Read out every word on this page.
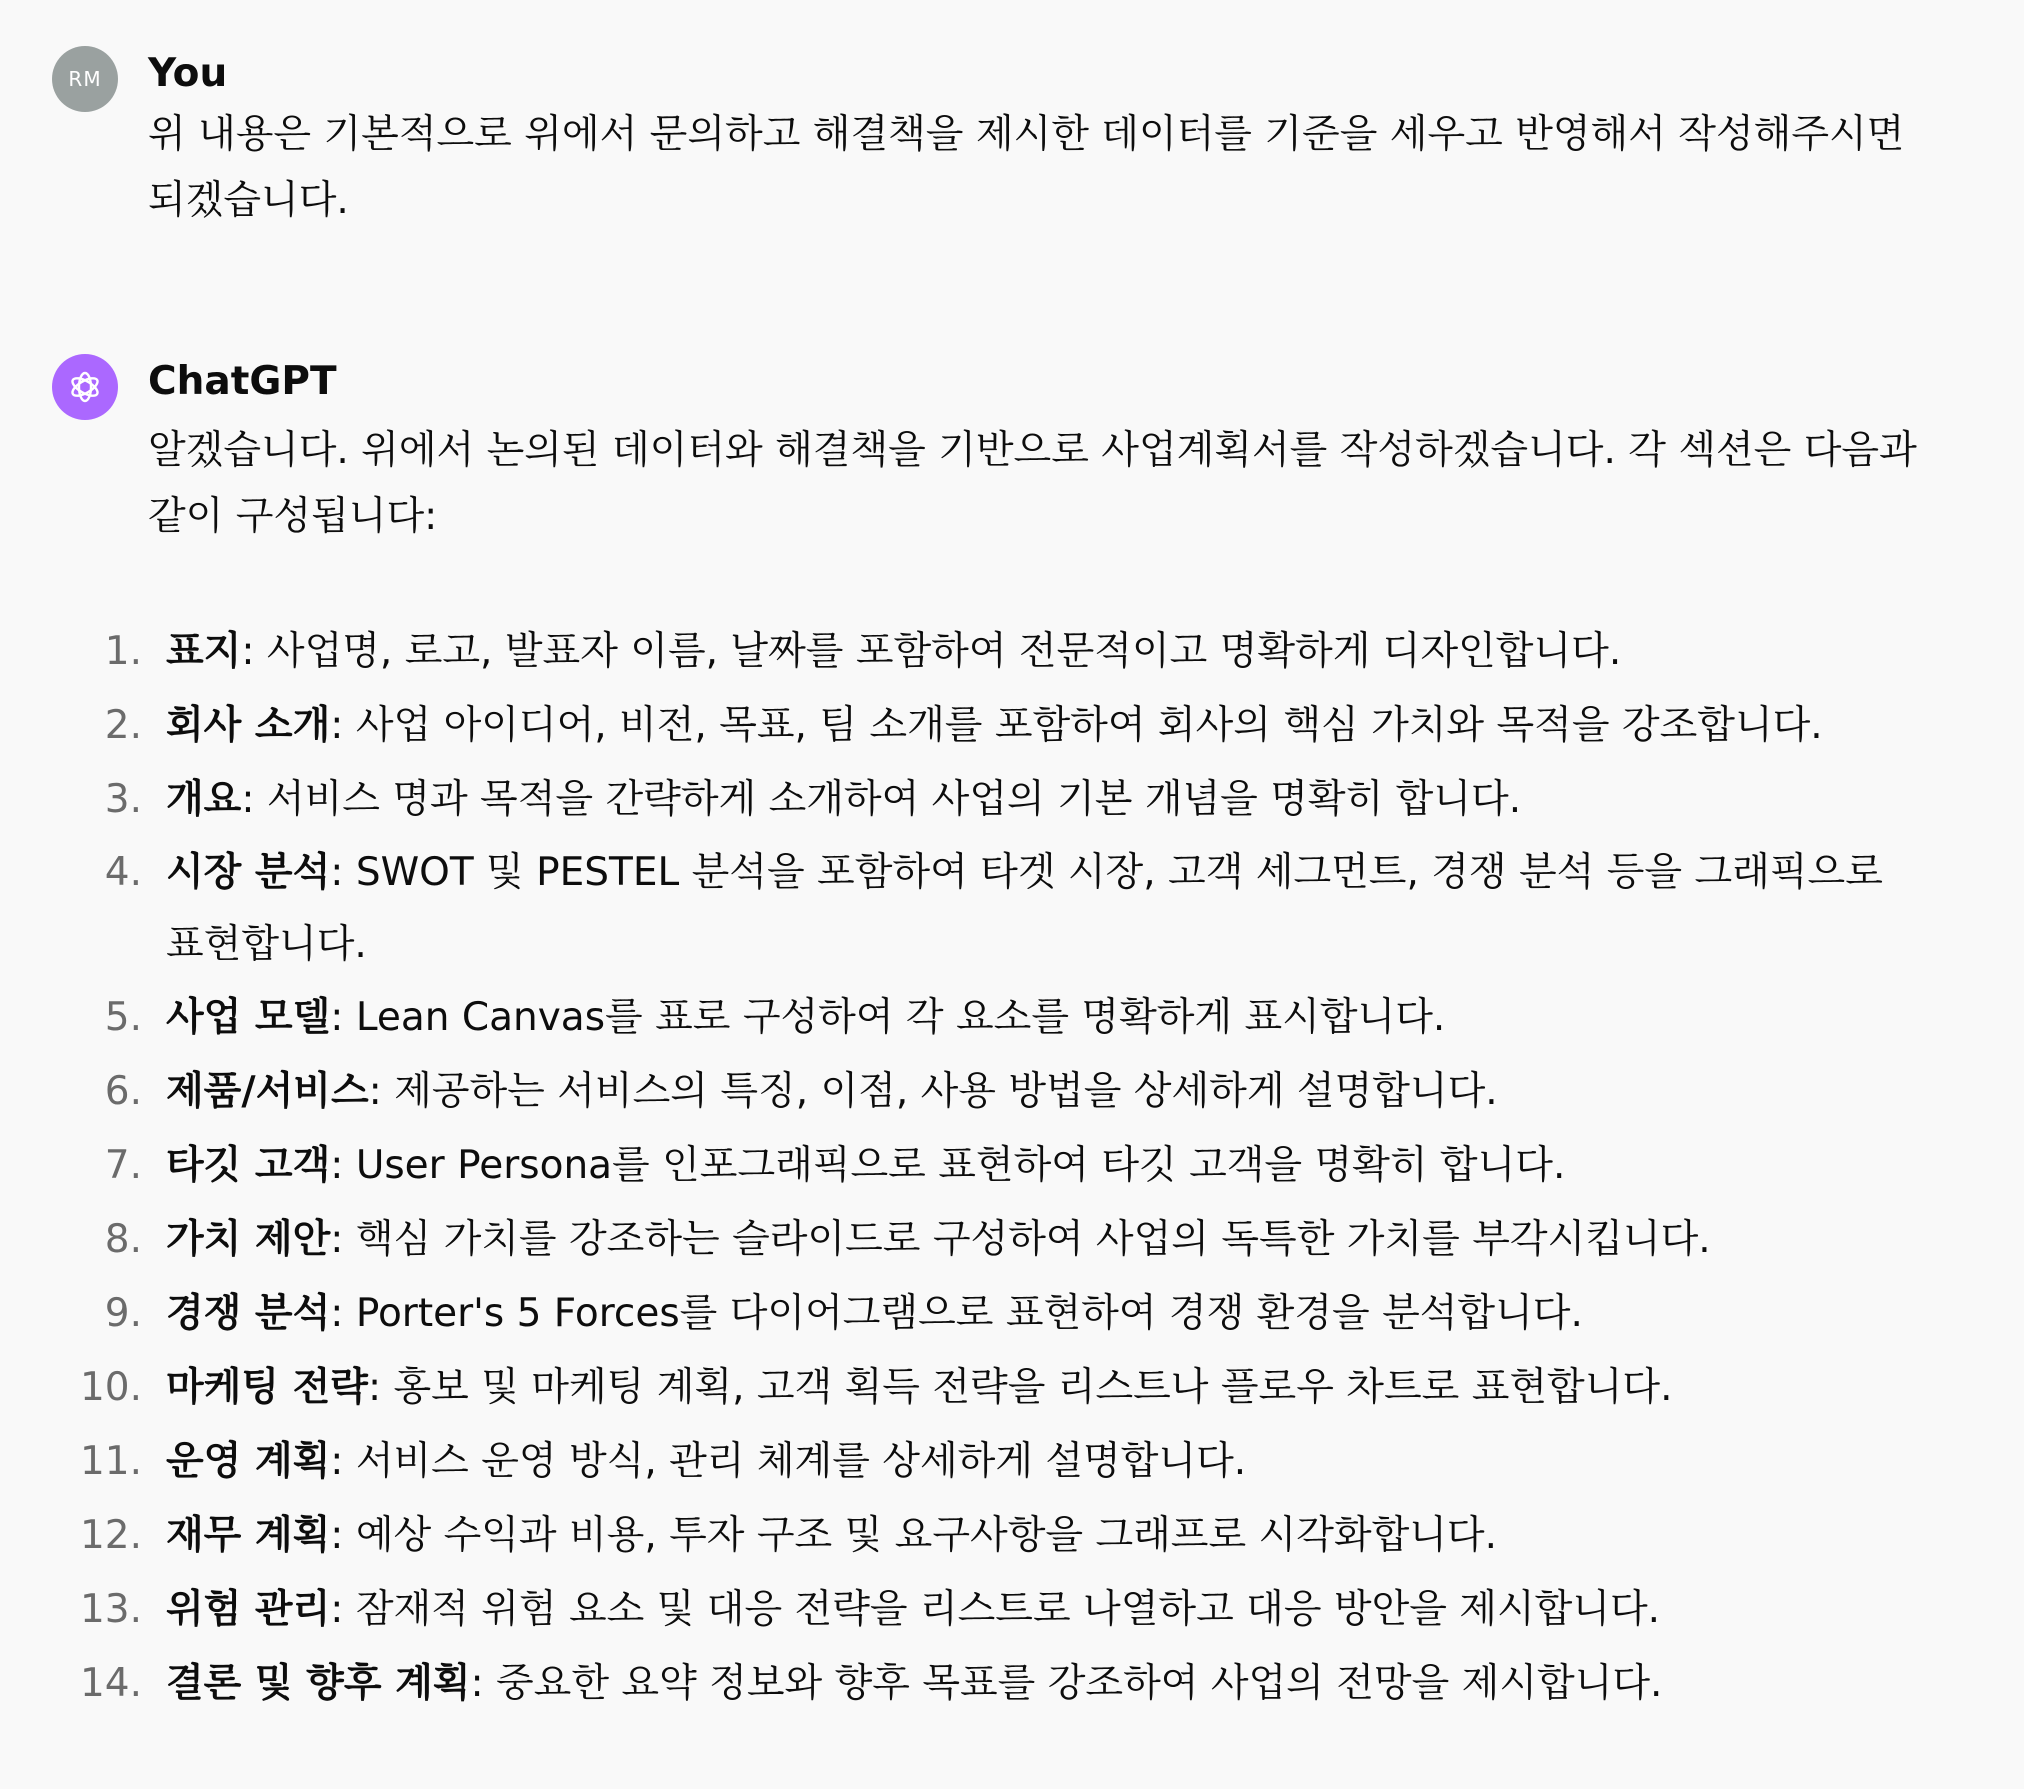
RM You
위 내용은 기본적으로 위에서 문의하고 해결책을 제시한 데이터를 기준을 세우고 반영해서 작성해주시면 되겠습니다.
ChatGPT
알겠습니다. 위에서 논의된 데이터와 해결책을 기반으로 사업계획서를 작성하겠습니다. 각 섹션은 다음과 같이 구성됩니다:
1. 표지: 사업명, 로고, 발표자 이름, 날짜를 포함하여 전문적이고 명확하게 디자인합니다.
2. 회사 소개: 사업 아이디어, 비전, 목표, 팀 소개를 포함하여 회사의 핵심 가치와 목적을 강조합니다.
3. 개요: 서비스 명과 목적을 간략하게 소개하여 사업의 기본 개념을 명확히 합니다.
4. 시장 분석: SWOT 및 PESTEL 분석을 포함하여 타겟 시장, 고객 세그먼트, 경쟁 분석 등을 그래픽으로 표현합니다.
5. 사업 모델: Lean Canvas를 표로 구성하여 각 요소를 명확하게 표시합니다.
6. 제품/서비스: 제공하는 서비스의 특징, 이점, 사용 방법을 상세하게 설명합니다.
7. 타깃 고객: User Persona를 인포그래픽으로 표현하여 타깃 고객을 명확히 합니다.
8. 가치 제안: 핵심 가치를 강조하는 슬라이드로 구성하여 사업의 독특한 가치를 부각시킵니다.
9. 경쟁 분석: Porter's 5 Forces를 다이어그램으로 표현하여 경쟁 환경을 분석합니다.
10. 마케팅 전략: 홍보 및 마케팅 계획, 고객 획득 전략을 리스트나 플로우 차트로 표현합니다.
11. 운영 계획: 서비스 운영 방식, 관리 체계를 상세하게 설명합니다.
12. 재무 계획: 예상 수익과 비용, 투자 구조 및 요구사항을 그래프로 시각화합니다.
13. 위험 관리: 잠재적 위험 요소 및 대응 전략을 리스트로 나열하고 대응 방안을 제시합니다.
14. 결론 및 향후 계획: 중요한 요약 정보와 향후 목표를 강조하여 사업의 전망을 제시합니다.
